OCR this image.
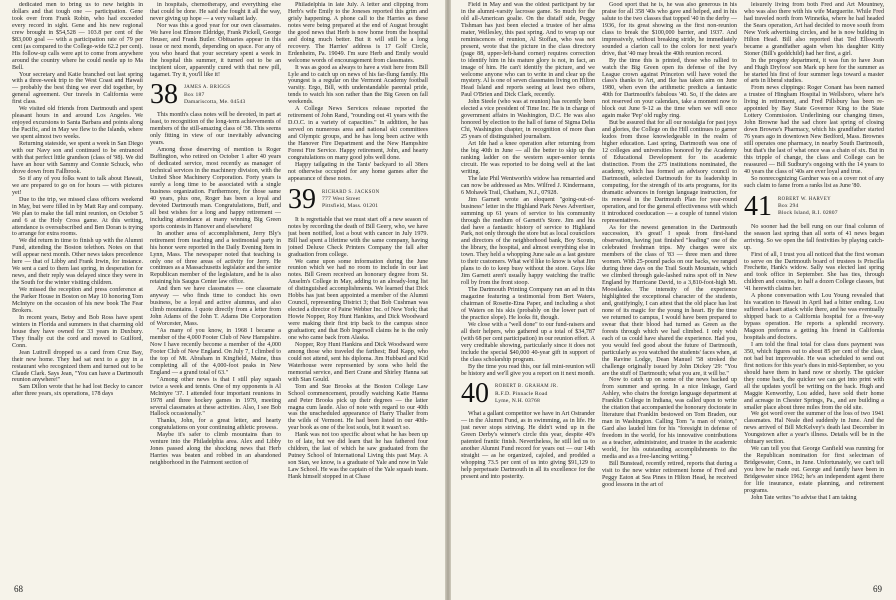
dedicated men to bring us to new heights in dollars and that tough one — participation. Gene took over from Frank Robin, who had exceeded every record in sight. Gene and his new regional crew brought in $54,528 — 103.8 per cent of the $83,000 goal — with a participation rate of 79 per cent (as compared to the College-wide 62.2 per cent). His follow-up calls were apt to come from anywhere around the country where he could nestle up to Ma Bell.

Your secretary and Katie branched out last spring with a three-week trip to the West Coast and Hawaii — probably the best thing we ever did together, by general agreement. Our travels in California were first class.

We visited old friends from Dartmouth and spent pleasant hours in and around Los Angeles. We enjoyed excursions to Santa Barbara and points along the Pacific, and in May we flew to the Islands, where we spent almost two weeks.

Returning stateside, we spent a week in San Diego with our Navy son and continued to be entranced with that perfect little grandson (class of '98). We did have an hour with Sammy and Connie Schuck, who drove down from Fallbrook.

So if any of you folks want to talk about Hawaii, we are prepared to go on for hours — with pictures yet!

Due to the trip, we missed class officers weekend in May, but were filled in by Matt Ray and company. We plan to make the fall mini reunion, on October 5 and 6 at the Holy Cross game. At this writing, attendance is oversubscribed and Ben Doran is trying to arrange for extra rooms.

We did return in time to finish up with the Alumni Fund, attending the Boston telethon. Notes on that will appear next month. Other news takes precedence here — that of Libby and Frank Irwin, for instance. We sent a card to them last spring, in desperation for news, and their reply was delayed since they were in the South for the winter visiting children.

We missed the reception and press conference at the Parker House in Boston on May 10 honoring Tom McIntyre on the occasion of his new book The Fear Brokers.

In recent years, Betsy and Bob Ross have spent winters in Florida and summers in that charming old house they have owned for 33 years in Duxbury. They finally cut the cord and moved to Guilford, Conn.

Jean Luttrell dropped us a card from Cruz Bay, their new home. They had sat next to a guy in a restaurant who recognized them and turned out to be Claude Clark. Says Jean, "You can have a Dartmouth reunion anywhere!"

Sam Dillon wrote that he had lost Becky to cancer after three years, six operations, 178 days

in hospitals, chemotherapy, and everything else that could be done. He said she fought it all the way, never giving up hope — a very valiant lady.

Nor was this a good year for our own classmates. We have lost Elmore Eldridge, Frank Pickell, George Heuser, and Frank Butler. Obituaries appear in this issue or next month, depending on space. For any of you who heard that your secretary spent a week in the hospital this summer, it turned out to be an incipient ulcer, apparently cured with that new pill, tagamet. Try it, you'll like it!

38 JAMES A. BRIGGS
Box 187
Damariscotta, Me. 04543

This month's class notes will be devoted, in part at least, to recognition of the long-term achievements of members of the still-amazing class of '38. This seems only fitting in view of our inevitably advancing years.

Among those deserving of mention is Roger Buffington, who retired on October 1 after 40 years of dedicated service, most recently as manager of technical services in the machinery division, with the United Shoe Machinery Corporation. Forty years is surely a long time to be associated with a single business organization. Furthermore, for those same 40 years, plus one, Roger has been a loyal and devoted Dartmouth man. Congratulations, Buff, and all best wishes for a long and happy retirement — including attendance at many winning Big Green sports contests in Hanover and elsewhere!

In another area of accomplishment, Jerry Bly's retirement from teaching and a testimonial party in his honor were reported in the Daily Evening Item in Lynn, Mass. The newspaper noted that teaching is only one of three areas of activity for Jerry. He continues as a Massachusetts legislator and the senior Republican member of the legislature, and he is also retaining his Saugus Center law office.

And then we have classmates — one classmate anyway — who finds time to conduct his own business, be a loyal and active alumnus, and also climb mountains. I quote directly from a letter from John Adams of the John T. Adams Die Corporation of Worcester, Mass.

"As many of you know, in 1968 I became a member of the 4,000 Footer Club of New Hampshire. Now I have recently become a member of the 4,000 Footer Club of New England. On July 7, I climbed to the top of Mt. Abraham in Kingfield, Maine, thus completing all of the 4,000-foot peaks in New England — a grand total of 63."

"Among other news is that I still play squash twice a week and tennis. One of my opponents is Al McIntyre '37. I attended four important reunions in 1978 and three hockey games in 1979, meeting several classmates at these activities. Also, I see Bob Hallock occasionally."

Thanks, John, for a great letter, and hearty congratulations on your continuing athletic prowess.

Maybe it's safer to climb mountains than to venture into the Philadelphia area. Alex and Libby Jones passed along the shocking news that Herb Harries was beaten and robbed in an abandoned neighborhood in the Fairmont section of

Philadelphia in late July. A letter and clipping from Herb's wife Emily to the Joneses reported this grim and grisly happening. A phone call to the Harries as these notes were being prepared at the end of August brought the good news that Herb is now home from the hospital and doing much better. But it will still be a long recovery. The Harries' address is 17 Golf Circle, Erdenheim, Pa. 19049. I'm sure Herb and Emily would welcome words of encouragement from classmates.

It was as good as always to have a visit here from Bill Lyle and to catch up on news of his far-flung family. His youngest is a regular on the Vermont Academy football varsity. Ergo, Bill, with understandable parental pride, tends to watch his son rather than the Big Green on fall weekends.

A College News Services release reported the retirement of John Rand, "rounding out 41 years with the D.O.C. in a variety of capacities." In addition, he has served on numerous area and national ski committees and Olympic groups, and he has long been active with the Hanover Fire Department and the New Hampshire Forest Fire Service. Happy retirement, John, and hearty congratulations on many good jobs well done.

Happy tailgating in the Tanis' backyard to all 38ers not otherwise occupied for any home games after the appearance of these notes.

39 RICHARD S. JACKSON
777 West Street
Pittsfield, Mass. 01201

It is regrettable that we must start off a new season of notes by recording the death of Bill Geery, who, we have just been notified, lost a bout with cancer in July 1979. Bill had spent a lifetime with the same company, having joined Deluxe Check Printers Company the fall after graduation from college.

We came upon some information during the June reunion which we had no room to include in our last notes. Bill Green received an honorary degree from St. Anselm's College in May, adding to an already-long list of distinguished accomplishments. We learned that Dick Hobbs has just been appointed a member of the Alumni Council, representing District 3; that Bob Cushman was elected a director of Paine Webber Inc. of New York; that Howie Nopper, Roy Hunt Hankins, and Dick Woodward were making their first trip back to the campus since graduation; and that Bob Ingersoll claims he is the only one who came back from Alaska.

Nopper, Roy Hunt Hankins and Dick Woodward were among those who traveled the farthest; Bud Kapp, who could not attend, sent his diploma. Jim Hubbard and Kid Waterhouse were represented by sons who held the memorial service, and Bert Crane and Shirley Hanna sat with Stan Gould.

Tom and Sue Brooks at the Boston College Law School commencement, proudly watching Katie Hanna and Peter Brooks pick up their degrees — the latter magna cum laude. Also of note with regard to our 40th was the unscheduled appearance of Harry Thaller from the wilds of Vermont. He had been listed in our 40th-year book as one of the lost souls, but it wasn't so.

Hank was not too specific about what he has been up to of late, but we did learn that he has fathered four children, the last of which he saw graduated from the Putney School of International Living this past May. A son Stan, we know, is a graduate of Yale and now in Yale Law School. He was the captain of the Yale squash team. Hank himself stopped in at Chase

68

Field in May and was the oldest participant by far in the alumni-varsity lacrosse game. So much for the old all-American goalie. On the distaff side, Peggy Tishman has just been elected a trustee of her alma mater, Wellesley, this past spring. And to wrap up our reminiscences of reunion, Al Stoffan, who was not present, wrote that the picture in the class directory (page 88, upper-left-hand corner) requires correction to identify him in his mature glory is not, in fact, an image of him. He can't identify the picture, and we welcome anyone who can to write in and clear up the mystery. Al is one of seven classmates living on Hilton Head Island and reports seeing at least two others, Paul O'Brien and Dick Clark, recently.

John Steele (who was at reunion) has recently been elected a vice president of Time Inc. He is in charge of government affairs in Washington, D.C. He was also honored by election to the hall of fame of Sigma Delta Chi, Washington chapter, in recognition of more than 25 years of distinguished journalism.

Art Ide had a knee operation after returning from the big 40th in June — all the better to skip up the ranking ladder on the western super-senior tennis circuit. He was reported to be doing well at the last writing.

The late Phil Wentworth's widow has remarried and can now be addressed as Mrs. Wilfred J. Kindermann, 6 Mohawk Trail, Chatham, N.J., 07928.

Jim Garnett wrote an eloquent "going-out-of-business" letter in the Highland Park News Advertiser, summing up 61 years of service to his community through the medium of Garnett's Store. Jim and his dad have a fantastic history of service to Highland Park, not only through the store but as local councilors and directors of the neighborhood bank, Boy Scouts, the library, the hospital, and almost everything else in town. They held a whopping June sale as a last gesture to their customers. What we'd like to know is what Jim plans to do to keep busy without the store. Guys like Jim Garnett aren't usually happy watching the traffic roll by from the front stoop.

The Dartmouth Printing Company ran an ad in this magazine featuring a testimonial from Bert Waters, chairman of Rosette-Etna Paper, and including a shot of Waters on his skis (probably on the lower part of the practice slope). He looks fit, though.

We close with a "well done" to our fund-raisers and all their helpers, who gathered up a total of $34,787 (with 68 per cent participation) in our reunion effort. A very creditable showing, particularly since it does not include the special $40,000 40-year gift in support of the class scholarship program.

By the time you read this, our fall mini-reunion will be history and we'll give you a report on it next month.

40 ROBERT B. GRAHAM JR.
R.F.D. Pinnacle Road
Lyme, N.H. 03768

What a gallant competitor we have in Art Ostrander — in the Alumni Fund, as in swimming, as in life. He just never stops striving. He didn't wind up in the Green Derby's winner's circle this year, despite 40's patented frantic finish. Nevertheless, he still led us to another Alumni Fund record for years out — our 14th straight — as he organized, cajoled, and prodded a whopping 73.5 per cent of us into giving $91,129 to help perpetuate Dartmouth in all its excellence for the present and into posterity.

Good sport that he is, he was also generous in his praise for all 358 '40s who gave and helped, and in his salute to the two classes that topped '40 in the derby — 1936, for its great showing as the first non-reunion class to break the $100,000 barrier, and 1937. And impressively, without breaking stride, he immediately sounded a clarion call to the colors for next year's drive, that '40 may break the 40th reunion record.

By the time this is printed, those who rallied to watch the Big Green open its defense of the Ivy League crown against Princeton will have voted the class's thanks to Art, and Ike has taken aim on June 1980, when even the arithmetic predicts a fantastic 40th for Dartmouth's fabulous '40. So, if the dates are not reserved on your calendars, take a moment now to block out June 9-12 as the time when we will once again make 'Pep' old rugby ring.

But be assured that for all our nostalgia for past joys and glories, the College on the Hill continues to garner kudos from those knowledgeable in the realm of higher education. Last spring, Dartmouth was one of 12 colleges and universities honored by the Academy of Educational Development for its academic distinction. From the 275 institutions nominated, the academy, which has formed an advisory council to Dartmouth, selected Dartmouth for its leadership in computing, for the strength of its arts programs, for its dramatic advances in foreign language instruction, for its renewal in the Dartmouth Plan for year-round operation, and for the general effectiveness with which it introduced coeducation — a couple of tunnel vision representatives.

As for the newest generation in the Dartmouth succession, it's great! I speak from first-hand observation, having just finished "leading" one of the celebrated freshman trips. My charges were six members of the class of '83 — three men and three women. With 25-pound packs on our backs, we ranged during three days on the Trail South Mountain, which we climbed through gale-lashed rains spot off in New England by Hurricane David, to a 3,810-foot-high Mt. Moosilauke. The intensity of the experience highlighted the exceptional character of the students, and, gratifyingly, I can attest that the old place has lost none of its magic for the young in heart. By the time we returned to campus, I would have been prepared to swear that their blood had turned as Green as the forests through which we had climbed. I only wish each of us could have shared the experience. Had you, you would feel good about the future of Dartmouth, particularly as you watched the students' faces when, at the Ravine Lodge, Dean Manuel '58 stroked the challenge originally issued by John Dickey '29: "You are the stuff of Dartmouth; what you are, it will be."

Now to catch up on some of the news backed up from summer and spring. In a nice linkage, Gard Ashley, who chairs the foreign language department at Franklin College in Indiana, was called upon to write the citation that accompanied the honorary doctorate in literature that Franklin bestowed on Tom Braden, our man in Washington. Calling Tom "a man of vision," Gard also lauded him for his "foresight in defense of freedom in the world, for his innovative contributions as a teacher, administrator, and trustee in the academic world, for his outstanding accomplishments to the media and as a free-lancing writing."

Bill Bunstead, recently retired, reports that during a visit to the new winter retirement home of Fred and Peggy Eaton at Sea Pines in Hilton Head, he received good lessons in the art of

leisurely living from both Fred and Art Mountney, who was also there with his wife Marguerite. While Fred had traveled north from Winnetka, where he had headed the Sears operation, Art had decided to move south from New York advertising circles, and he is now building in Hilton Head. Bill also reported that Ted Ellsworth became a grandfather again when his daughter Kitty Stoner (Bill's goddchild) had her first, a girl.

In the progeny department, it was fun to have Joan and Hugh Dryfoos' son Mark up here for the summer as he started his first of four summer legs toward a master of arts in liberal studies.

From news clippings: Roger Conant has been named a trustee of Hingham Hospital in Wellsboro, where he's living in retirement, and Fred Pillsbury has been re-appointed by Bay State Governor King to the State Lottery Commission. Underlining our changing times, John Browne had the sad chore last spring of closing down Browne's Pharmacy, which his grandfather started 76 years ago in downtown New Bedford, Mass. Brownes still operates one pharmacy, in nearby South Dartmouth, but that's the last of what once was a chain of six. But in this tripple of change, the class and College can be reassured — Bill Sudbury's ongoing with the 14 years to 40 years the class of '40s are ever loyal and true.

So nonrecognizing Gardner was on a cover not of any such claim to fame from a ranks list as June '80.

41 ROBERT W. HARVEY
Box 294
Block Island, R.I. 02807

No sooner had the bell rung on our final column of the season last spring than all sorts of 41 news began arriving. So we open the fall festivities by playing catch-up.

First of all, I trust you all noticed that the first woman to serve on the Dartmouth board of trustees is Priscilla Frechette, Hank's widow. Sally was elected last spring and took office in September. She has ties, through children and cousins, to half a dozen College classes, but '41 herewith claims her.

A phone conversation with Lou Young revealed that his vacation to Hawaii in April had a bitter ending. Lou suffered a heart attack while there, and he was eventually shipped back to a California hospital for a five-way bypass operation. He reports a splendid recovery. Magoon preforms a getting his friend in California hospitals and doctors.

I am told the final total for class dues payment was 350, which figures out to about 85 per cent of the class, not bad but improvable. He was scheduled to send out first notices for this year's dues in mid-September, so you should have them in hand now or shortly. The quicker they come back, the quicker we can get into print with all the updates you'll be writing on the back. Hugh and Maggie Kenworthy, Lou added, have sold their home and acreage in Chester Springs, Pa., and are building a smaller place about three miles from the old site.

We got word over the summer of the loss of two 1941 classmates. Hal Neale died suddenly in June. And the news arrived of Bill McKelvey's death last December in Youngstown after a year's illness. Details will be in the obituary section.

We can tell you that George Canfield was running for the Republican nomination for first selectman of Bridgewater, Conn., in June. Unfortunately, we can't tell you how he made out. George and family have been in Bridgewater since 1962; he's an independent agent there for life insurance, estate planning, and retirement programs.

John Tate writes "to advise that I am taking

69
